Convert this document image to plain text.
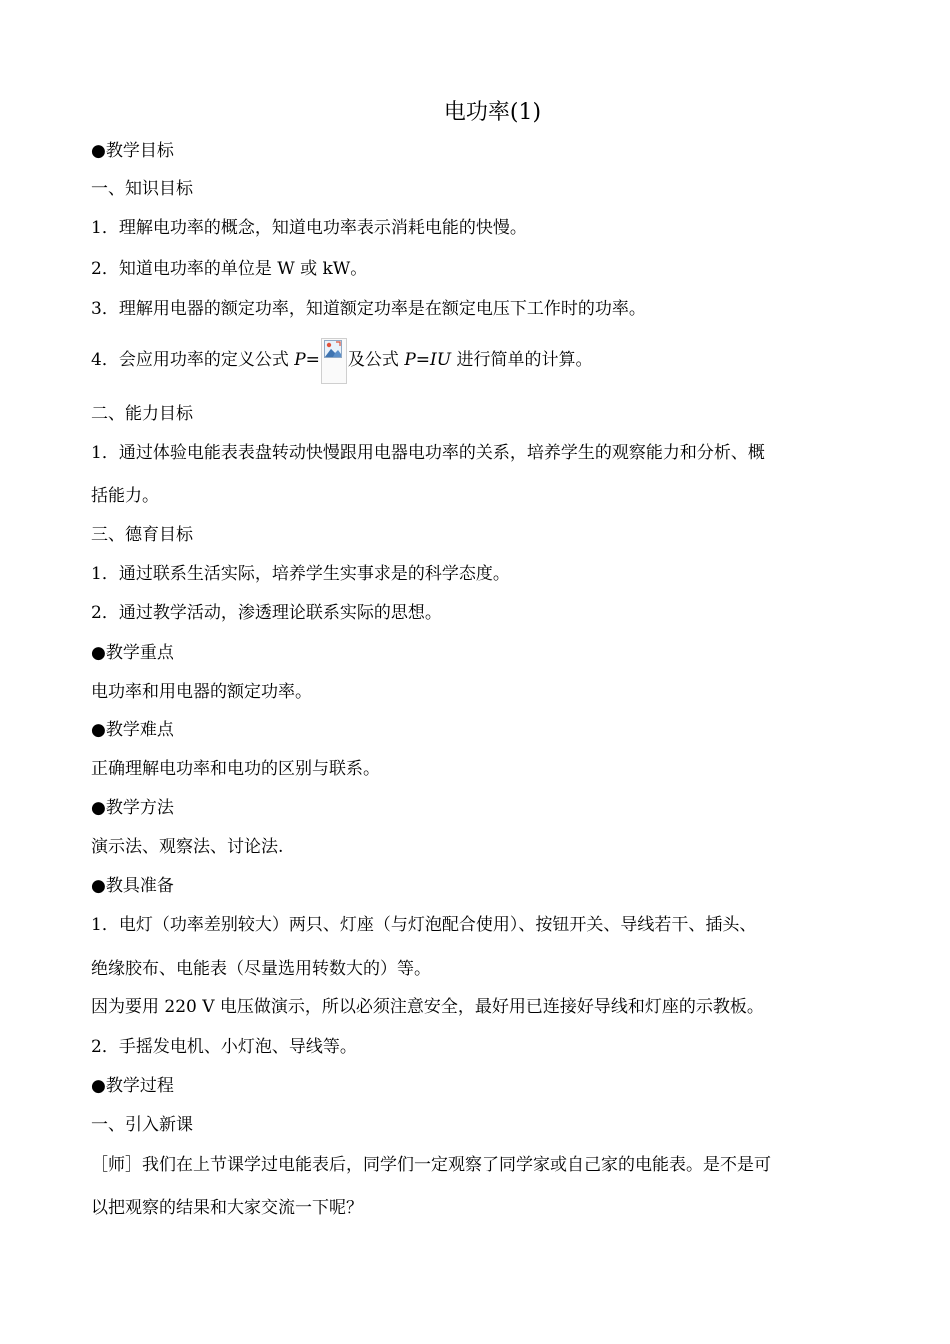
电功率(1)
●教学目标
一、知识目标
1．理解电功率的概念，知道电功率表示消耗电能的快慢。
2．知道电功率的单位是 W 或 kW。
3．理解用电器的额定功率，知道额定功率是在额定电压下工作时的功率。
4．会应用功率的定义公式 P= 及公式 P=IU 进行简单的计算。
二、能力目标
1．通过体验电能表表盘转动快慢跟用电器电功率的关系，培养学生的观察能力和分析、概
括能力。
三、德育目标
1．通过联系生活实际，培养学生实事求是的科学态度。
2．通过教学活动，渗透理论联系实际的思想。
●教学重点
电功率和用电器的额定功率。
●教学难点
正确理解电功率和电功的区别与联系。
●教学方法
演示法、观察法、讨论法.
●教具准备
1．电灯（功率差别较大）两只、灯座（与灯泡配合使用）、按钮开关、导线若干、插头、
绝缘胶布、电能表（尽量选用转数大的）等。
因为要用 220 V 电压做演示，所以必须注意安全，最好用已连接好导线和灯座的示教板。
2．手摇发电机、小灯泡、导线等。
●教学过程
一、引入新课
［师］我们在上节课学过电能表后，同学们一定观察了同学家或自己家的电能表。是不是可
以把观察的结果和大家交流一下呢？
